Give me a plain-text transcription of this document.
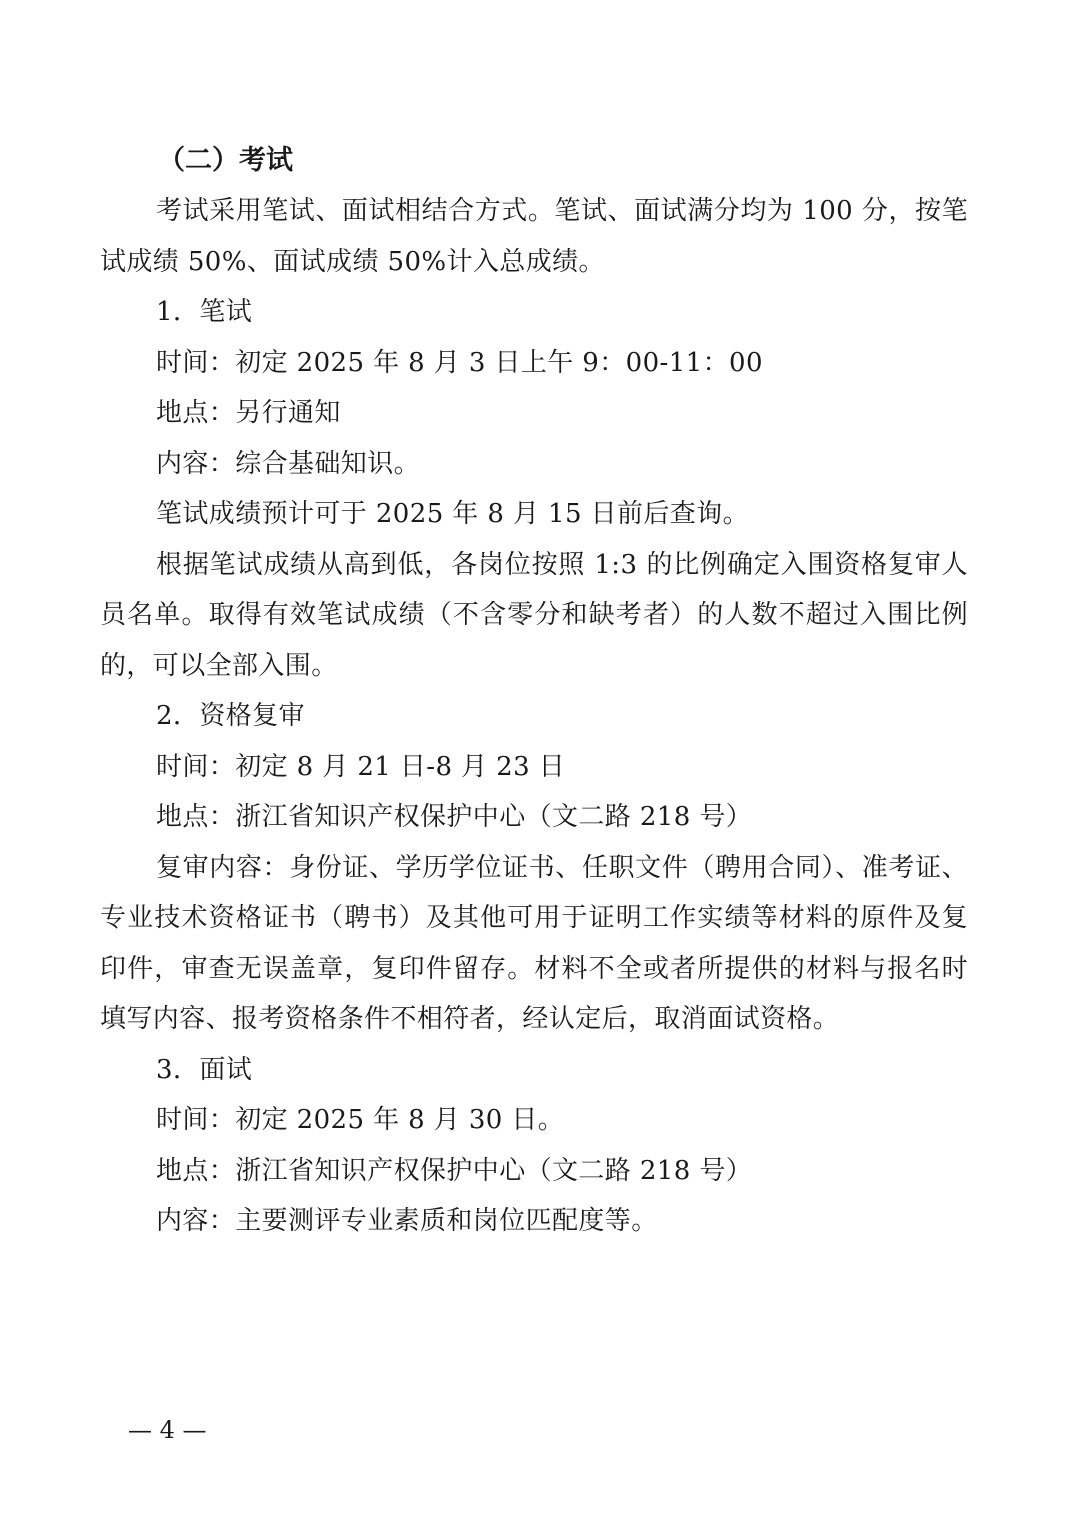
（二）考试

考试采用笔试、面试相结合方式。笔试、面试满分均为 100 分，按笔试成绩 50%、面试成绩 50%计入总成绩。

1．笔试

时间：初定 2025 年 8 月 3 日上午 9：00-11：00

地点：另行通知

内容：综合基础知识。

笔试成绩预计可于 2025 年 8 月 15 日前后查询。

根据笔试成绩从高到低，各岗位按照 1:3 的比例确定入围资格复审人员名单。取得有效笔试成绩（不含零分和缺考者）的人数不超过入围比例的，可以全部入围。

2．资格复审

时间：初定 8 月 21 日-8 月 23 日

地点：浙江省知识产权保护中心（文二路 218 号）

复审内容：身份证、学历学位证书、任职文件（聘用合同）、准考证、专业技术资格证书（聘书）及其他可用于证明工作实绩等材料的原件及复印件，审查无误盖章，复印件留存。材料不全或者所提供的材料与报名时填写内容、报考资格条件不相符者，经认定后，取消面试资格。

3．面试

时间：初定 2025 年 8 月 30 日。

地点：浙江省知识产权保护中心（文二路 218 号）

内容：主要测评专业素质和岗位匹配度等。

— 4 —
